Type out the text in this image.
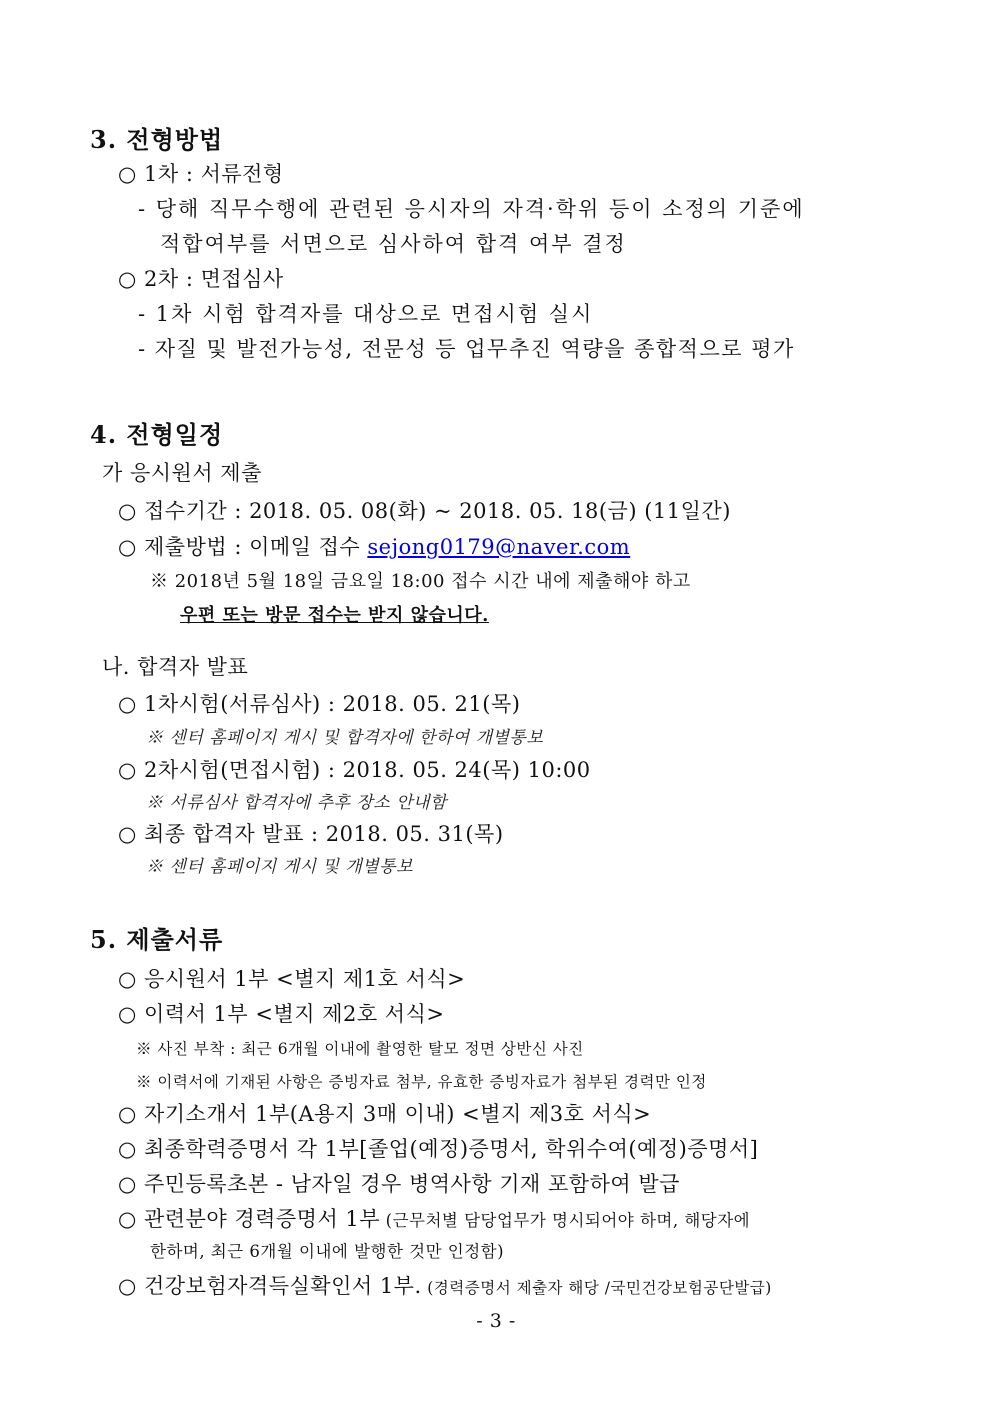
3. 전형방법
○ 1차 : 서류전형
- 당해 직무수행에 관련된 응시자의 자격·학위 등이 소정의 기준에
적합여부를 서면으로 심사하여 합격 여부 결정
○ 2차 : 면접심사
- 1차 시험 합격자를 대상으로 면접시험 실시
- 자질 및 발전가능성, 전문성 등 업무추진 역량을 종합적으로 평가
4. 전형일정
가 응시원서 제출
○ 접수기간 : 2018. 05. 08(화) ~ 2018. 05. 18(금) (11일간)
○ 제출방법 : 이메일 접수 sejong0179@naver.com
※ 2018년 5월 18일 금요일 18:00 접수 시간 내에 제출해야 하고
우편 또는 방문 접수는 받지 않습니다.
나. 합격자 발표
○ 1차시험(서류심사) : 2018. 05. 21(목)
※ 센터 홈페이지 게시 및 합격자에 한하여 개별통보
○ 2차시험(면접시험) : 2018. 05. 24(목) 10:00
※ 서류심사 합격자에 추후 장소 안내함
○ 최종 합격자 발표 : 2018. 05. 31(목)
※ 센터 홈페이지 게시 및 개별통보
5. 제출서류
○ 응시원서 1부 <별지 제1호 서식>
○ 이력서 1부 <별지 제2호 서식>
※ 사진 부착 : 최근 6개월 이내에 촬영한 탈모 정면 상반신 사진
※ 이력서에 기재된 사항은 증빙자료 첨부, 유효한 증빙자료가 첨부된 경력만 인정
○ 자기소개서 1부(A용지 3매 이내) <별지 제3호 서식>
○ 최종학력증명서 각 1부[졸업(예정)증명서, 학위수여(예정)증명서]
○ 주민등록초본 - 남자일 경우 병역사항 기재 포함하여 발급
○ 관련분야 경력증명서 1부 (근무처별 담당업무가 명시되어야 하며, 해당자에
한하며, 최근 6개월 이내에 발행한 것만 인정함)
○ 건강보험자격득실확인서 1부. (경력증명서 제출자 해당 /국민건강보험공단발급)
- 3 -
